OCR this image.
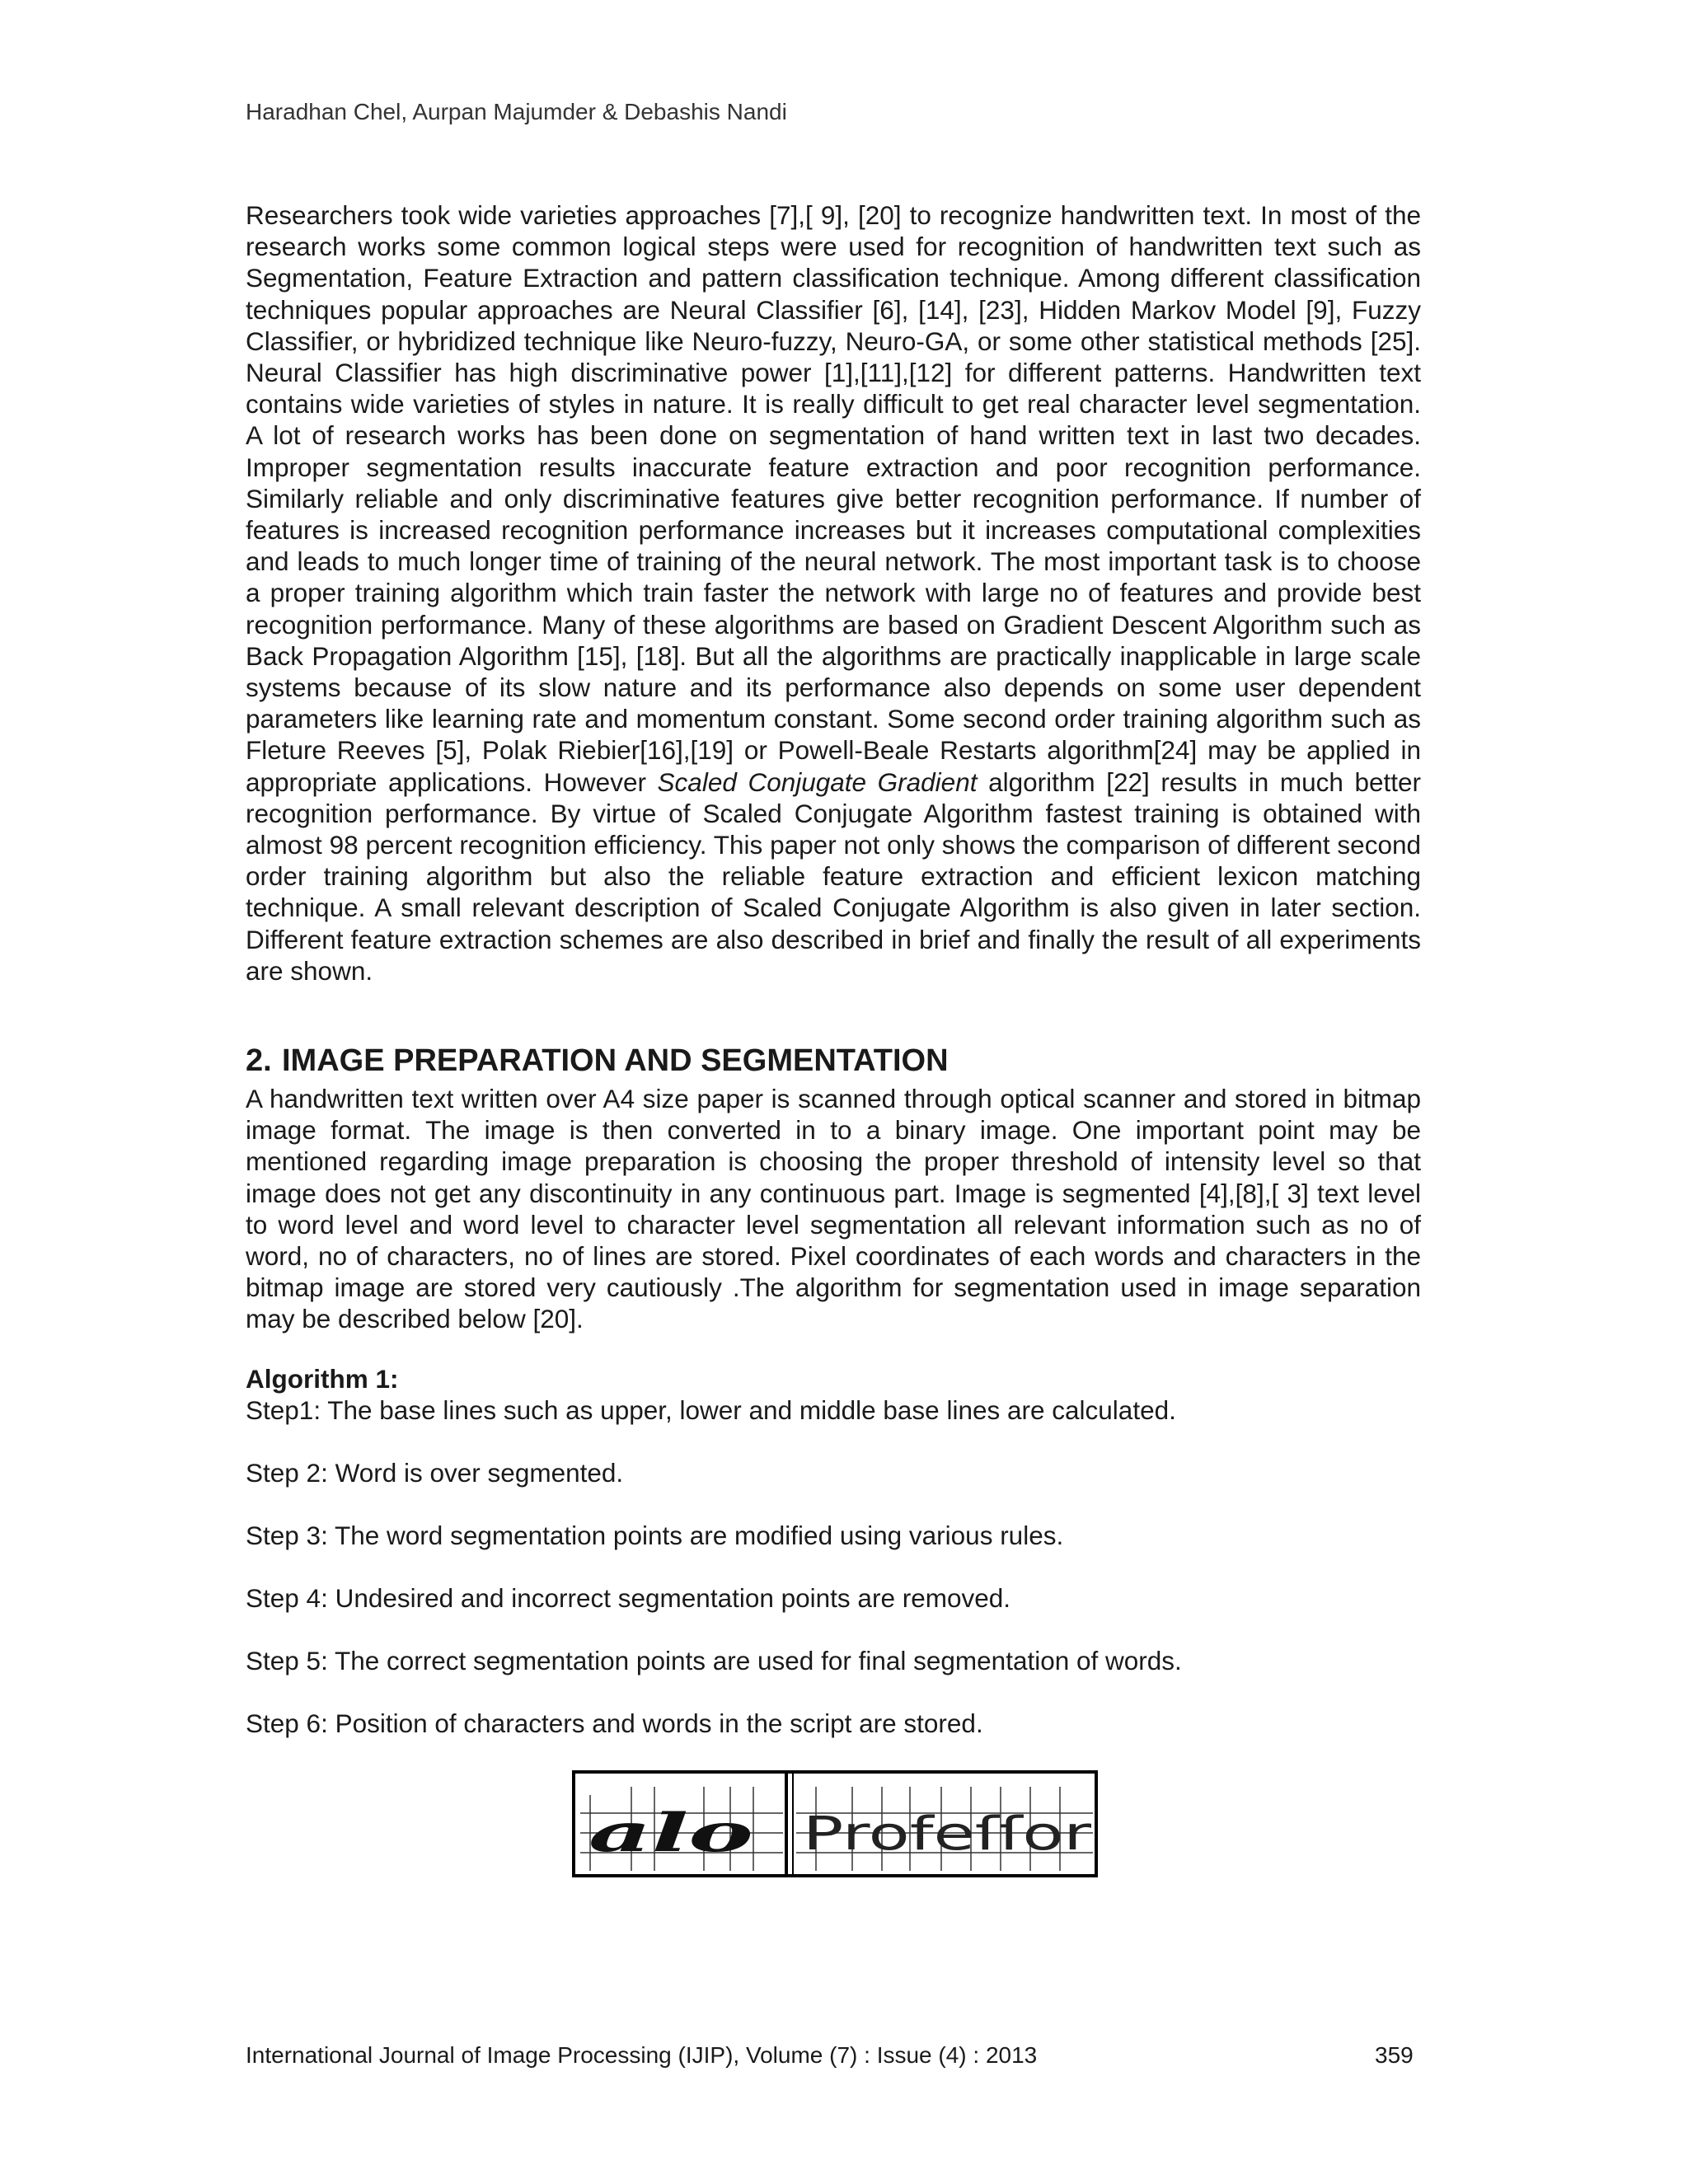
Haradhan Chel, Aurpan Majumder & Debashis Nandi
Researchers took wide varieties approaches [7],[ 9], [20] to recognize handwritten text. In most of the research works some common logical steps were used for recognition of handwritten text such as Segmentation, Feature Extraction and pattern classification technique. Among different classification techniques popular approaches are Neural Classifier [6], [14], [23], Hidden Markov Model [9], Fuzzy Classifier, or hybridized technique like Neuro-fuzzy, Neuro-GA, or some other statistical methods [25]. Neural Classifier has high discriminative power [1],[11],[12] for different patterns. Handwritten text contains wide varieties of styles in nature. It is really difficult to get real character level segmentation. A lot of research works has been done on segmentation of hand written text in last two decades. Improper segmentation results inaccurate feature extraction and poor recognition performance. Similarly reliable and only discriminative features give better recognition performance. If number of features is increased recognition performance increases but it increases computational complexities and leads to much longer time of training of the neural network. The most important task is to choose a proper training algorithm which train faster the network with large no of features and provide best recognition performance. Many of these algorithms are based on Gradient Descent Algorithm such as Back Propagation Algorithm [15], [18]. But all the algorithms are practically inapplicable in large scale systems because of its slow nature and its performance also depends on some user dependent parameters like learning rate and momentum constant. Some second order training algorithm such as Fleture Reeves [5], Polak Riebier[16],[19] or Powell-Beale Restarts algorithm[24] may be applied in appropriate applications. However Scaled Conjugate Gradient algorithm [22] results in much better recognition performance. By virtue of Scaled Conjugate Algorithm fastest training is obtained with almost 98 percent recognition efficiency. This paper not only shows the comparison of different second order training algorithm but also the reliable feature extraction and efficient lexicon matching technique. A small relevant description of Scaled Conjugate Algorithm is also given in later section. Different feature extraction schemes are also described in brief and finally the result of all experiments are shown.
2. IMAGE PREPARATION AND SEGMENTATION
A handwritten text written over A4 size paper is scanned through optical scanner and stored in bitmap image format. The image is then converted in to a binary image. One important point may be mentioned regarding image preparation is choosing the proper threshold of intensity level so that image does not get any discontinuity in any continuous part. Image is segmented [4],[8],[ 3] text level to word level and word level to character level segmentation all relevant information such as no of word, no of characters, no of lines are stored. Pixel coordinates of each words and characters in the bitmap image are stored very cautiously .The algorithm for segmentation used in image separation may be described below [20].
Algorithm 1:
Step1: The base lines such as upper, lower and middle base lines are calculated.
Step 2: Word is over segmented.
Step 3: The word segmentation points are modified using various rules.
Step 4: Undesired and incorrect segmentation points are removed.
Step 5: The correct segmentation points are used for final segmentation of words.
Step 6: Position of characters and words in the script are stored.
alo Profeſſor
International Journal of Image Processing (IJIP), Volume (7) : Issue (4) : 2013	359
